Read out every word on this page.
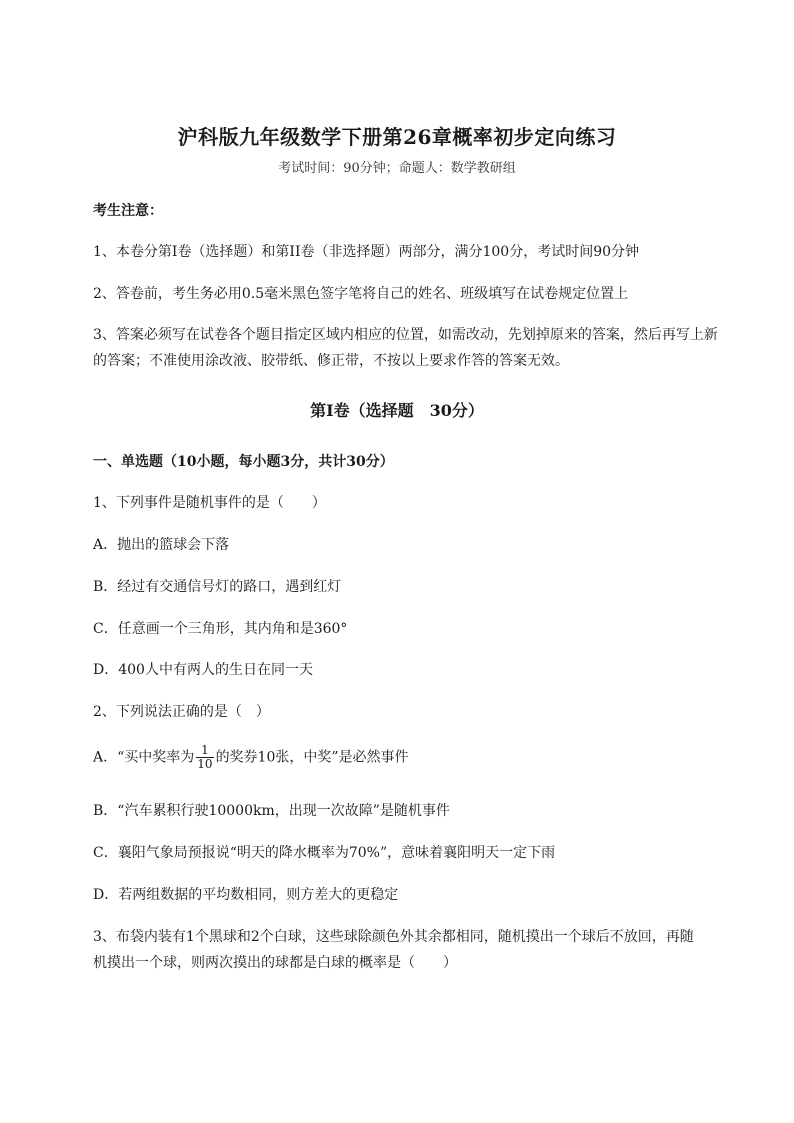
沪科版九年级数学下册第26章概率初步定向练习
考试时间：90分钟；命题人：数学教研组
考生注意：
1、本卷分第I卷（选择题）和第II卷（非选择题）两部分，满分100分，考试时间90分钟
2、答卷前，考生务必用0.5毫米黑色签字笔将自己的姓名、班级填写在试卷规定位置上
3、答案必须写在试卷各个题目指定区域内相应的位置，如需改动，先划掉原来的答案，然后再写上新
的答案；不准使用涂改液、胶带纸、修正带，不按以上要求作答的答案无效。
第I卷（选择题　30分）
一、单选题（10小题，每小题3分，共计30分）
1、下列事件是随机事件的是（　　）
A．抛出的篮球会下落
B．经过有交通信号灯的路口，遇到红灯
C．任意画一个三角形，其内角和是360°
D．400人中有两人的生日在同一天
2、下列说法正确的是（　）
A．“买中奖率为 $\frac{1}{10}$ 的奖券10张，中奖”是必然事件
B．“汽车累积行驶10000km，出现一次故障”是随机事件
C．襄阳气象局预报说“明天的降水概率为70%”，意味着襄阳明天一定下雨
D．若两组数据的平均数相同，则方差大的更稳定
3、布袋内装有1个黑球和2个白球，这些球除颜色外其余都相同，随机摸出一个球后不放回，再随
机摸出一个球，则两次摸出的球都是白球的概率是（　　）
